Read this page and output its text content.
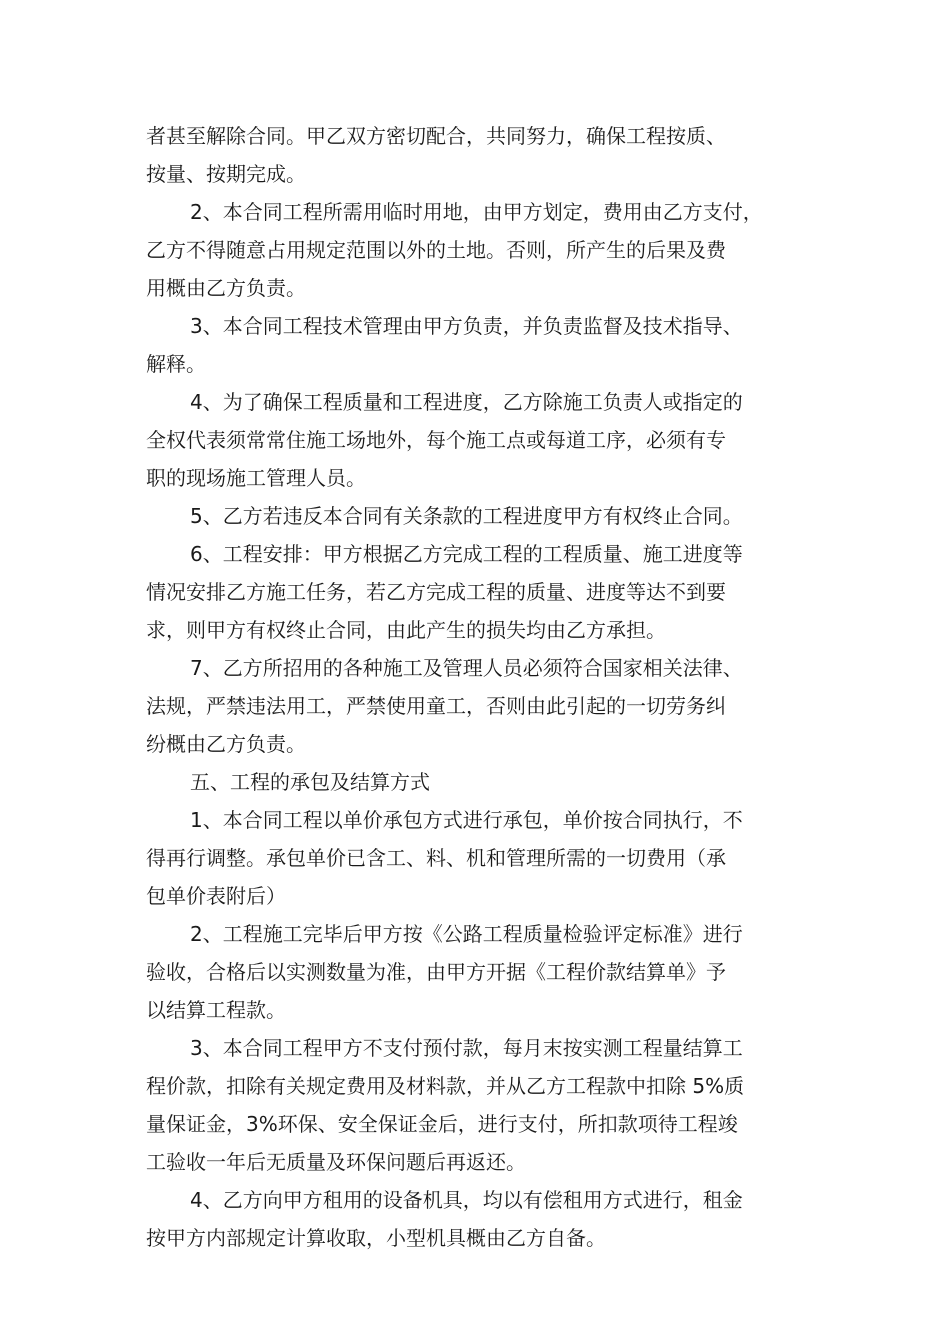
者甚至解除合同。甲乙双方密切配合，共同努力，确保工程按质、
按量、按期完成。
2、本合同工程所需用临时用地，由甲方划定，费用由乙方支付，
乙方不得随意占用规定范围以外的土地。否则，所产生的后果及费
用概由乙方负责。
3、本合同工程技术管理由甲方负责，并负责监督及技术指导、
解释。
4、为了确保工程质量和工程进度，乙方除施工负责人或指定的
全权代表须常常住施工场地外，每个施工点或每道工序，必须有专
职的现场施工管理人员。
5、乙方若违反本合同有关条款的工程进度甲方有权终止合同。
6、工程安排：甲方根据乙方完成工程的工程质量、施工进度等
情况安排乙方施工任务，若乙方完成工程的质量、进度等达不到要
求，则甲方有权终止合同，由此产生的损失均由乙方承担。
7、乙方所招用的各种施工及管理人员必须符合国家相关法律、
法规，严禁违法用工，严禁使用童工，否则由此引起的一切劳务纠
纷概由乙方负责。
五、工程的承包及结算方式
1、本合同工程以单价承包方式进行承包，单价按合同执行，不
得再行调整。承包单价已含工、料、机和管理所需的一切费用（承
包单价表附后）
2、工程施工完毕后甲方按《公路工程质量检验评定标准》进行
验收，合格后以实测数量为准，由甲方开据《工程价款结算单》予
以结算工程款。
3、本合同工程甲方不支付预付款，每月末按实测工程量结算工
程价款，扣除有关规定费用及材料款，并从乙方工程款中扣除 5%质
量保证金，3%环保、安全保证金后，进行支付，所扣款项待工程竣
工验收一年后无质量及环保问题后再返还。
4、乙方向甲方租用的设备机具，均以有偿租用方式进行，租金
按甲方内部规定计算收取，小型机具概由乙方自备。
